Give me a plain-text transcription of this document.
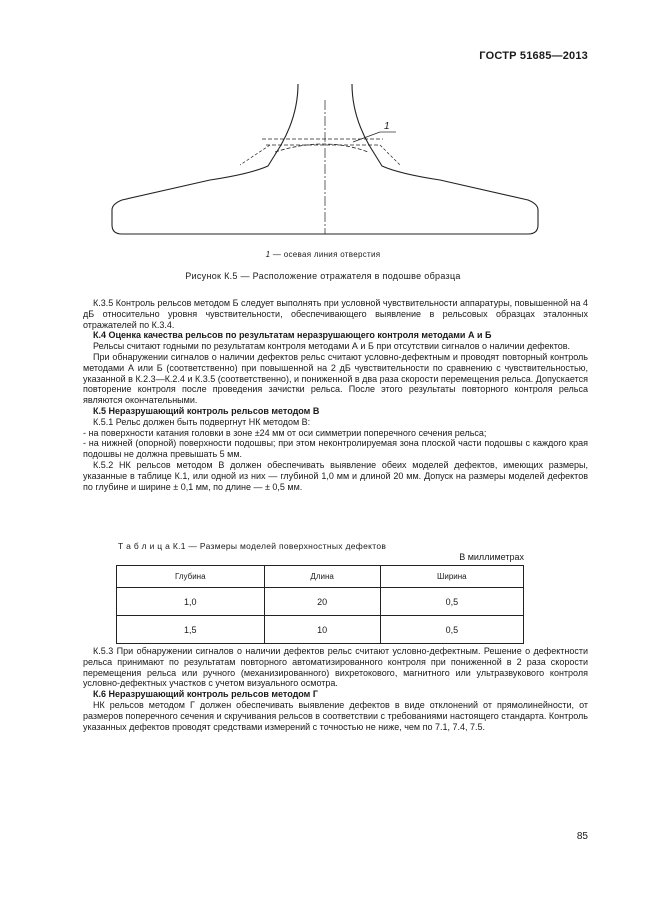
ГОСТР 51685—2013
1
1 — осевая линия отверстия
Рисунок К.5 — Расположение отражателя в подошве образца

К.3.5 Контроль рельсов методом Б следует выполнять при условной чувствительности аппаратуры, повышенной на 4 дБ относительно уровня чувствительности, обеспечивающего выявление в рельсовых образцах эталонных отражателей по К.3.4.

К.4 Оценка качества рельсов по результатам неразрушающего контроля методами А и Б

Рельсы считают годными по результатам контроля методами А и Б при отсутствии сигналов о наличии дефектов.

При обнаружении сигналов о наличии дефектов рельс считают условно-дефектным и проводят повторный контроль методами А или Б (соответственно) при повышенной на 2 дБ чувствительности по сравнению с чувствительностью, указанной в К.2.3—К.2.4 и К.3.5 (соответственно), и пониженной в два раза скорости перемещения рельса. Допускается повторение контроля после проведения зачистки рельса. После этого результаты повторного контроля рельса являются окончательными.

К.5 Неразрушающий контроль рельсов методом В

К.5.1 Рельс должен быть подвергнут НК методом В:

- на поверхности катания головки в зоне ±24 мм от оси симметрии поперечного сечения рельса;

- на нижней (опорной) поверхности подошвы; при этом неконтролируемая зона плоской части подошвы с каждого края подошвы не должна превышать 5 мм.

К.5.2 НК рельсов методом В должен обеспечивать выявление обеих моделей дефектов, имеющих размеры, указанные в таблице К.1, или одной из них — глубиной 1,0 мм и длиной 20 мм. Допуск на размеры моделей дефектов по глубине и ширине ± 0,1 мм, по длине — ± 0,5 мм.

Т а б л и ц а К.1 — Размеры моделей поверхностных дефектов
В миллиметрах
Глубина	Длина	Ширина
1,0	20	0,5
1,5	10	0,5

К.5.3 При обнаружении сигналов о наличии дефектов рельс считают условно-дефектным. Решение о дефектности рельса принимают по результатам повторного автоматизированного контроля при пониженной в 2 раза скорости перемещения рельса или ручного (механизированного) вихретокового, магнитного или ультразвукового контроля условно-дефектных участков с учетом визуального осмотра.

К.6 Неразрушающий контроль рельсов методом Г

НК рельсов методом Г должен обеспечивать выявление дефектов в виде отклонений от прямолинейности, от размеров поперечного сечения и скручивания рельсов в соответствии с требованиями настоящего стандарта. Контроль указанных дефектов проводят средствами измерений с точностью не ниже, чем по 7.1, 7.4, 7.5.

85
